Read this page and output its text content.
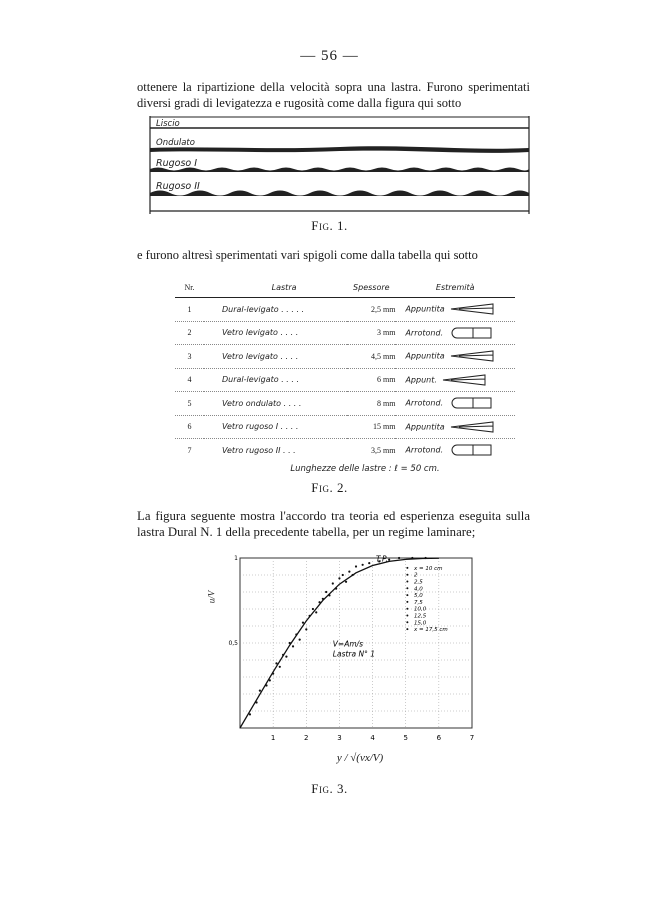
— 56 —
ottenere la ripartizione della velocità sopra una lastra. Furono sperimentati diversi gradi di levigatezza e rugosità come dalla figura qui sotto
Liscio
Ondulato
Rugoso I
Rugoso II
Fig. 1.
e furono altresì sperimentati vari spigoli come dalla tabella qui sotto
Nr.	Lastra	Spessore	Estremità
1	Dural-levigato . . . . .	2,5 mm	Appuntita
2	Vetro levigato . . . .	3 mm	Arrotond.
3	Vetro levigato . . . .	4,5 mm	Appuntita
4	Dural-levigato . . . .	6 mm	Appunt.
5	Vetro ondulato . . . .	8 mm	Arrotond.
6	Vetro rugoso I . . . .	15 mm	Appuntita
7	Vetro rugoso II . . .	3,5 mm	Arrotond.
Lunghezze delle lastre : ℓ = 50 cm.
Fig. 2.
La figura seguente mostra l'accordo tra teoria ed esperienza eseguita sulla lastra Dural N. 1 della precedente tabella, per un regime laminare;
1	2	3	4	5	6	7
0,5
1
V=Am/s
Lastra N° 1
T.P.
x = 10 cm
2
2,5
4,0
5,0
7,5
10,0
12,5
15,0
x = 17,5 cm
y / √(νx/V)
u/V
Fig. 3.
